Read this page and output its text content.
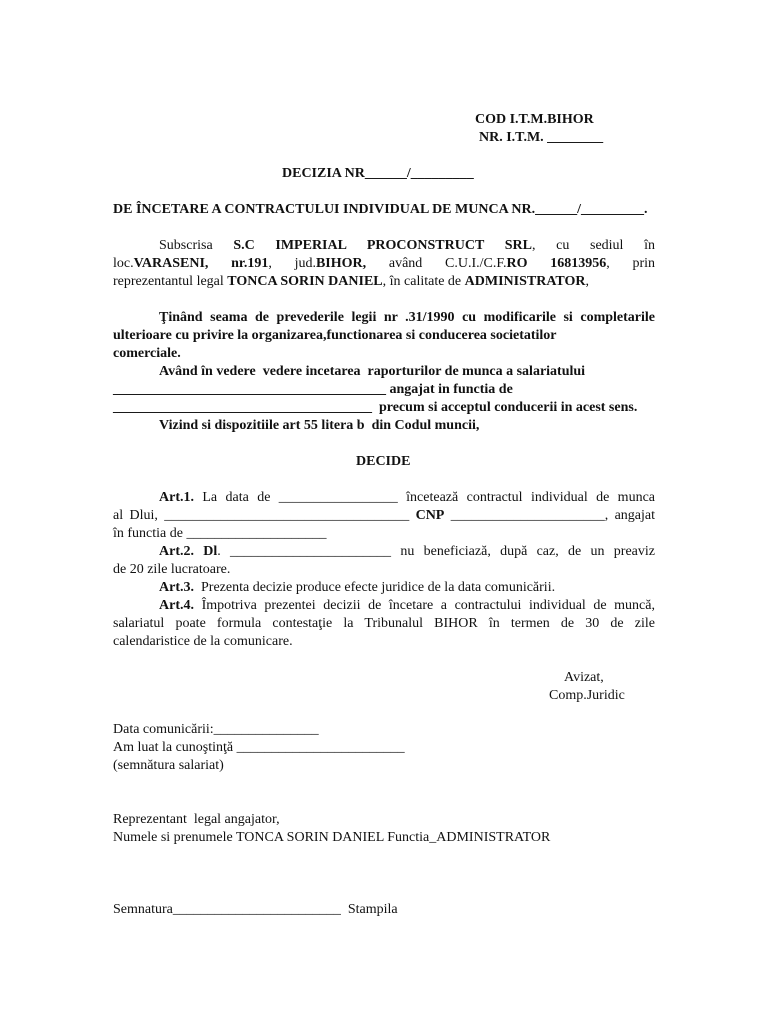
COD I.T.M.BIHOR
NR. I.T.M. ________
DECIZIA NR______/_________
DE ÎNCETARE A CONTRACTULUI INDIVIDUAL DE MUNCA NR.______/_________.
Subscrisa S.C IMPERIAL PROCONSTRUCT SRL, cu sediul în
loc.VARASENI, nr.191, jud.BIHOR, având C.U.I./C.F.RO 16813956, prin
reprezentantul legal TONCA SORIN DANIEL, în calitate de ADMINISTRATOR,
Ţinând seama de prevederile legii nr .31/1990 cu modificarile si completarile
ulterioare cu privire la organizarea,functionarea si conducerea societatilor
comerciale.
Având în vedere  vedere incetarea  raporturilor de munca a salariatului
_______________________________________ angajat in functia de
_____________________________________  precum si acceptul conducerii in acest sens.
Vizind si dispozitiile art 55 litera b  din Codul muncii,
DECIDE
Art.1. La data de _________________ încetează contractul individual de munca
al Dlui, ___________________________________ CNP ______________________, angajat
în functia de ____________________
Art.2. Dl. _______________________ nu beneficiază, după caz, de un preaviz
de 20 zile lucratoare.
Art.3.  Prezenta decizie produce efecte juridice de la data comunicării.
Art.4. Împotriva prezentei decizii de încetare a contractului individual de muncă,
salariatul poate formula contestaţie la Tribunalul BIHOR în termen de 30 de zile
calendaristice de la comunicare.
Avizat,
Comp.Juridic
Data comunicării:_______________
Am luat la cunoştinţă ________________________
(semnătura salariat)
Reprezentant  legal angajator,
Numele si prenumele TONCA SORIN DANIEL Functia_ADMINISTRATOR
Semnatura________________________  Stampila
